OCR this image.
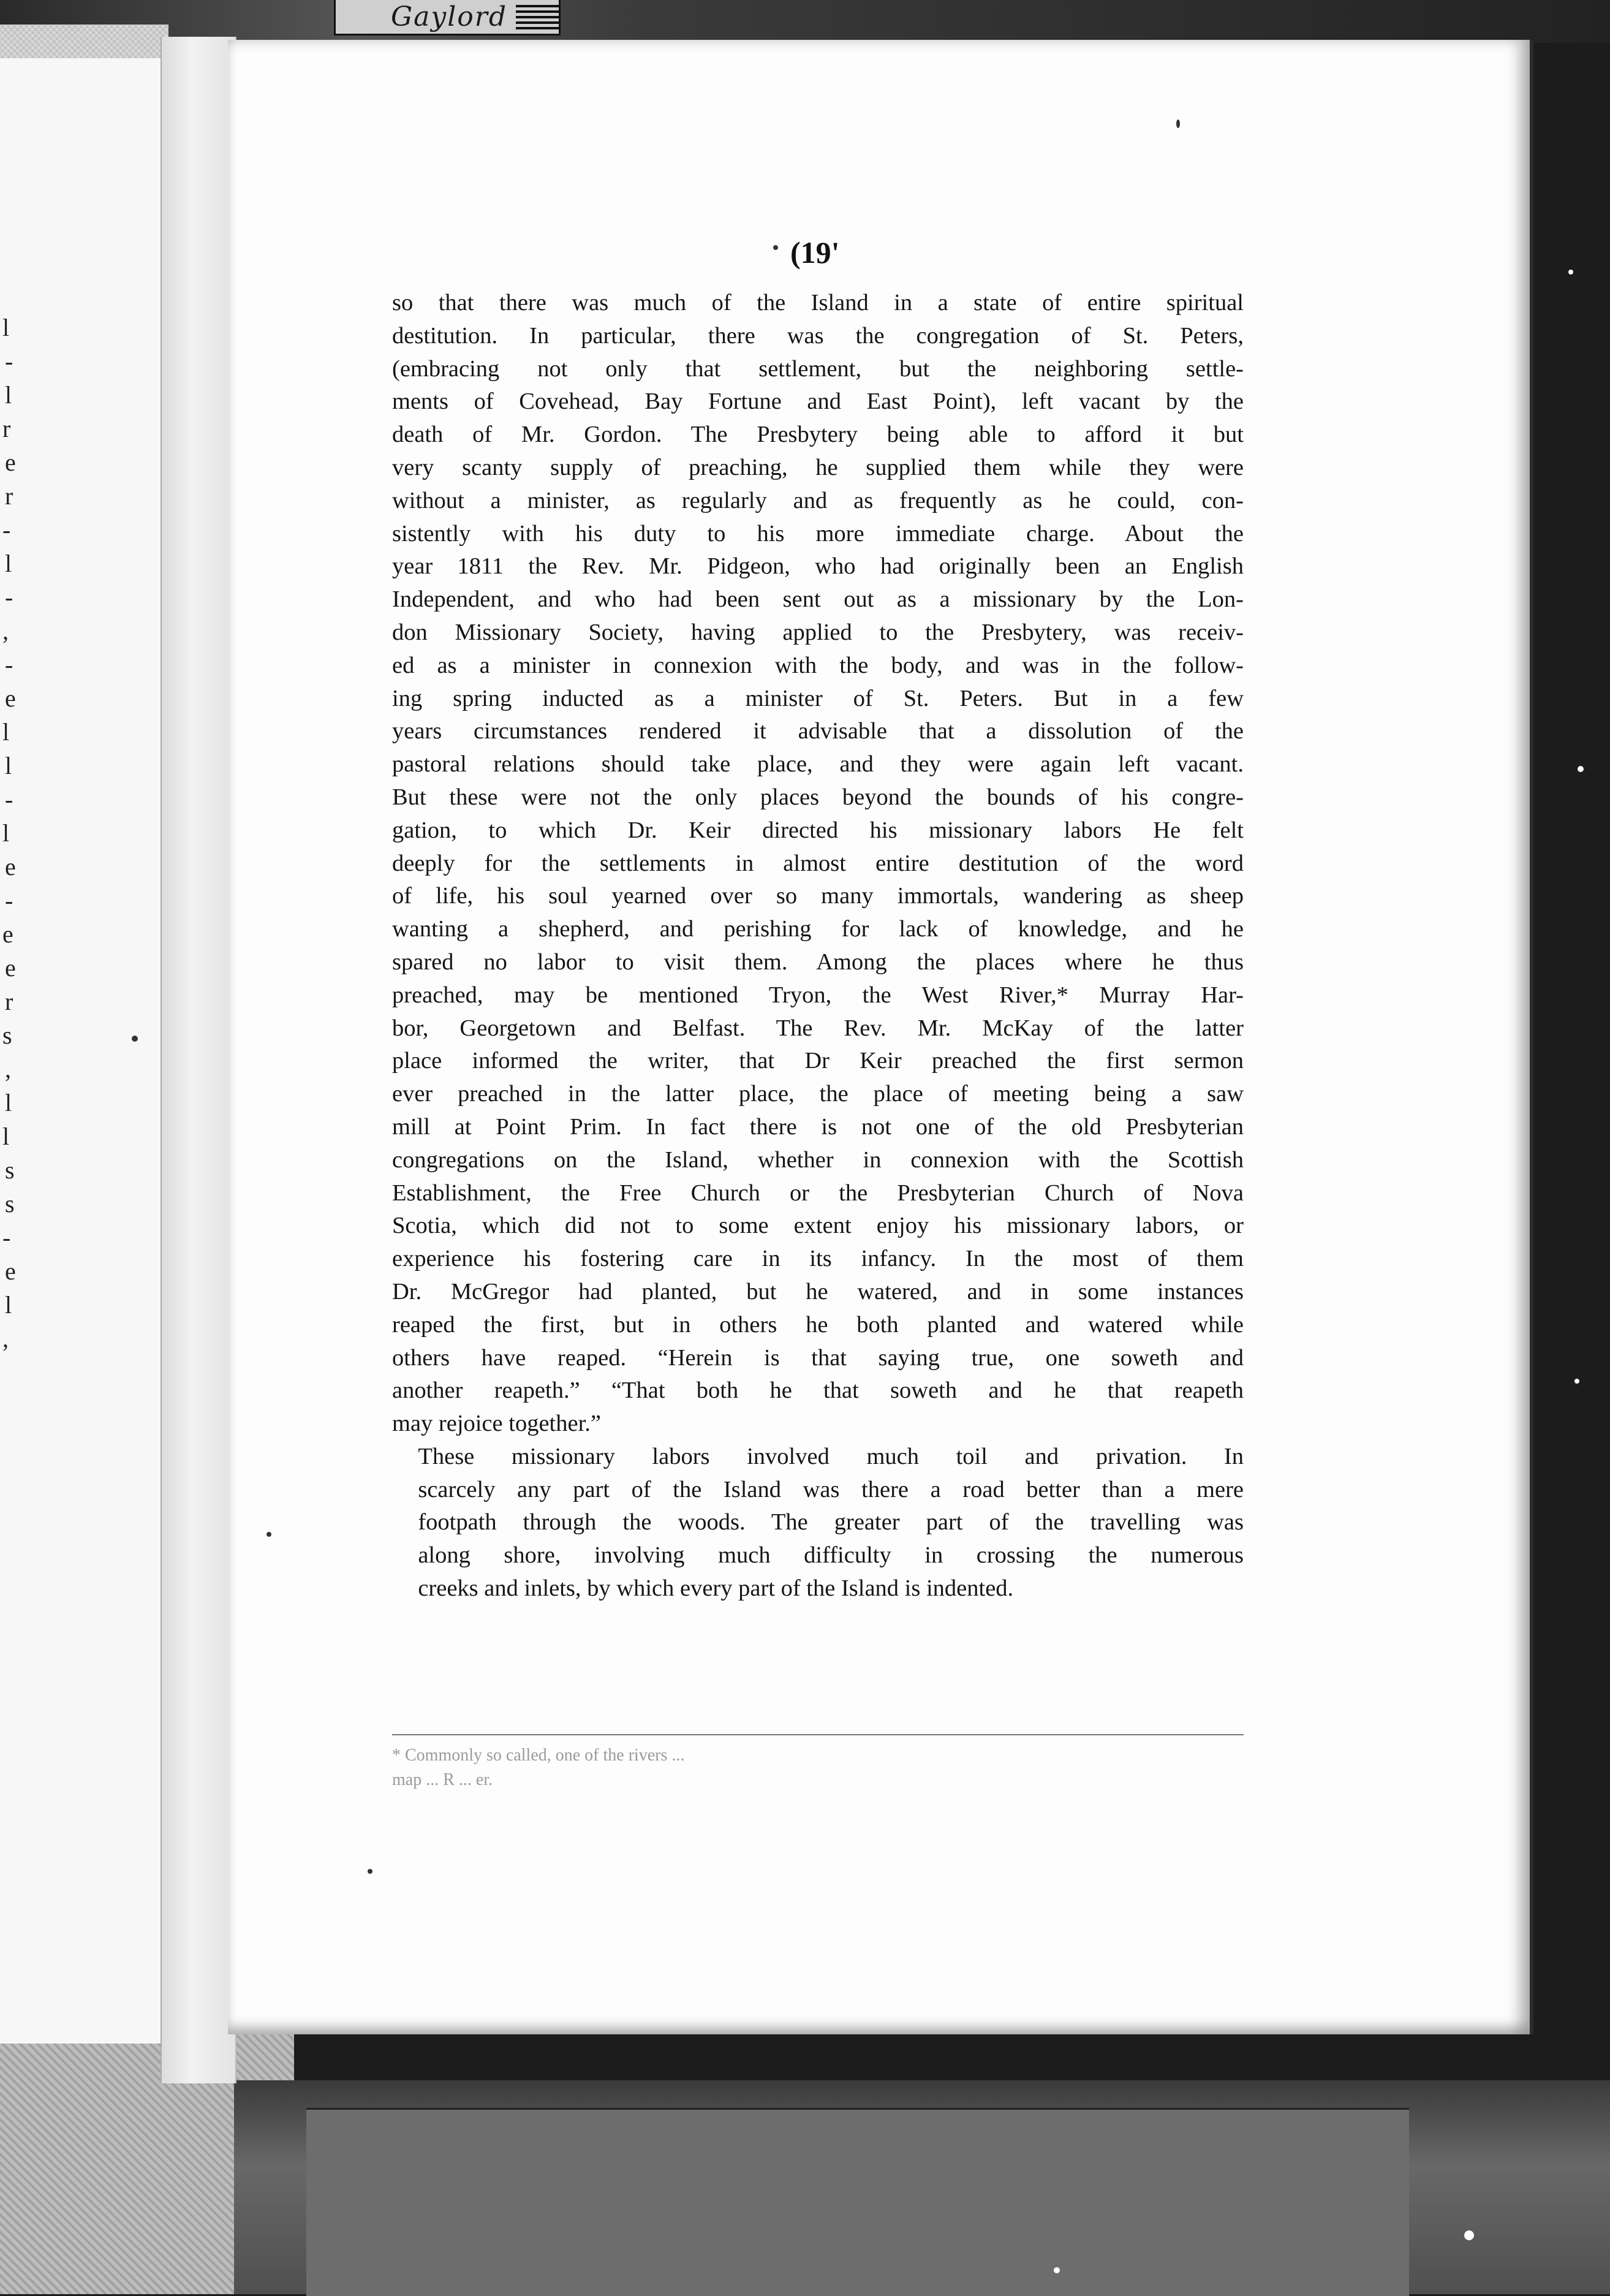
Gaylord
l
-
l
r
e
r
-
l
-
,
-
e
l
l
-
l
e
-
e
e
r
s
,
l
l
s
s
-
e
l
,
(19'

so that there was much of the Island in a state of entire spiritual
destitution. In particular, there was the congregation of St. Peters,
(embracing not only that settlement, but the neighboring settle-
ments of Covehead, Bay Fortune and East Point), left vacant by the
death of Mr. Gordon. The Presbytery being able to afford it but
very scanty supply of preaching, he supplied them while they were
without a minister, as regularly and as frequently as he could, con-
sistently with his duty to his more immediate charge. About the
year 1811 the Rev. Mr. Pidgeon, who had originally been an English
Independent, and who had been sent out as a missionary by the Lon-
don Missionary Society, having applied to the Presbytery, was receiv-
ed as a minister in connexion with the body, and was in the follow-
ing spring inducted as a minister of St. Peters. But in a few
years circumstances rendered it advisable that a dissolution of the
pastoral relations should take place, and they were again left vacant.
But these were not the only places beyond the bounds of his congre-
gation, to which Dr. Keir directed his missionary labors He felt
deeply for the settlements in almost entire destitution of the word
of life, his soul yearned over so many immortals, wandering as sheep
wanting a shepherd, and perishing for lack of knowledge, and he
spared no labor to visit them. Among the places where he thus
preached, may be mentioned Tryon, the West River,* Murray Har-
bor, Georgetown and Belfast. The Rev. Mr. McKay of the latter
place informed the writer, that Dr Keir preached the first sermon
ever preached in the latter place, the place of meeting being a saw
mill at Point Prim. In fact there is not one of the old Presbyterian
congregations on the Island, whether in connexion with the Scottish
Establishment, the Free Church or the Presbyterian Church of Nova
Scotia, which did not to some extent enjoy his missionary labors, or
experience his fostering care in its infancy. In the most of them
Dr. McGregor had planted, but he watered, and in some instances
reaped the first, but in others he both planted and watered while
others have reaped. “Herein is that saying true, one soweth and
another reapeth.” “That both he that soweth and he that reapeth
may rejoice together.”

These missionary labors involved much toil and privation. In
scarcely any part of the Island was there a road better than a mere
footpath through the woods. The greater part of the travelling was
along shore, involving much difficulty in crossing the numerous
creeks and inlets, by which every part of the Island is indented.

* Commonly so called, one of the rivers ...
map ... R ... er.
